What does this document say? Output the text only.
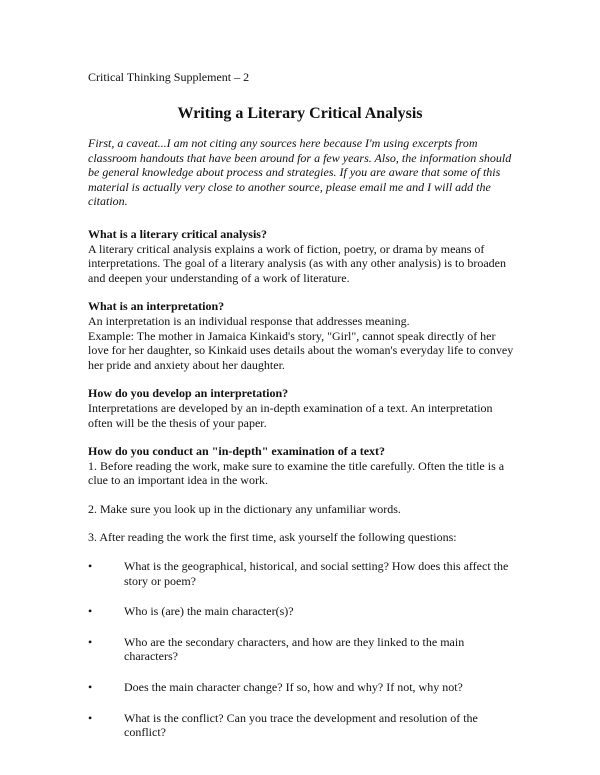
Critical Thinking Supplement – 2
Writing a Literary Critical Analysis

First, a caveat...I am not citing any sources here because I'm using excerpts from classroom handouts that have been around for a few years. Also, the information should be general knowledge about process and strategies. If you are aware that some of this material is actually very close to another source, please email me and I will add the citation.

What is a literary critical analysis?

A literary critical analysis explains a work of fiction, poetry, or drama by means of interpretations. The goal of a literary analysis (as with any other analysis) is to broaden and deepen your understanding of a work of literature.

What is an interpretation?

An interpretation is an individual response that addresses meaning.

Example: The mother in Jamaica Kinkaid's story, "Girl", cannot speak directly of her love for her daughter, so Kinkaid uses details about the woman's everyday life to convey her pride and anxiety about her daughter.

How do you develop an interpretation?

Interpretations are developed by an in-depth examination of a text. An interpretation often will be the thesis of your paper.

How do you conduct an "in-depth" examination of a text?

1. Before reading the work, make sure to examine the title carefully. Often the title is a clue to an important idea in the work.

2. Make sure you look up in the dictionary any unfamiliar words.

3. After reading the work the first time, ask yourself the following questions:

•	What is the geographical, historical, and social setting? How does this affect the story or poem?
•	Who is (are) the main character(s)?
•	Who are the secondary characters, and how are they linked to the main characters?
•	Does the main character change? If so, how and why? If not, why not?
•	What is the conflict? Can you trace the development and resolution of the conflict?
